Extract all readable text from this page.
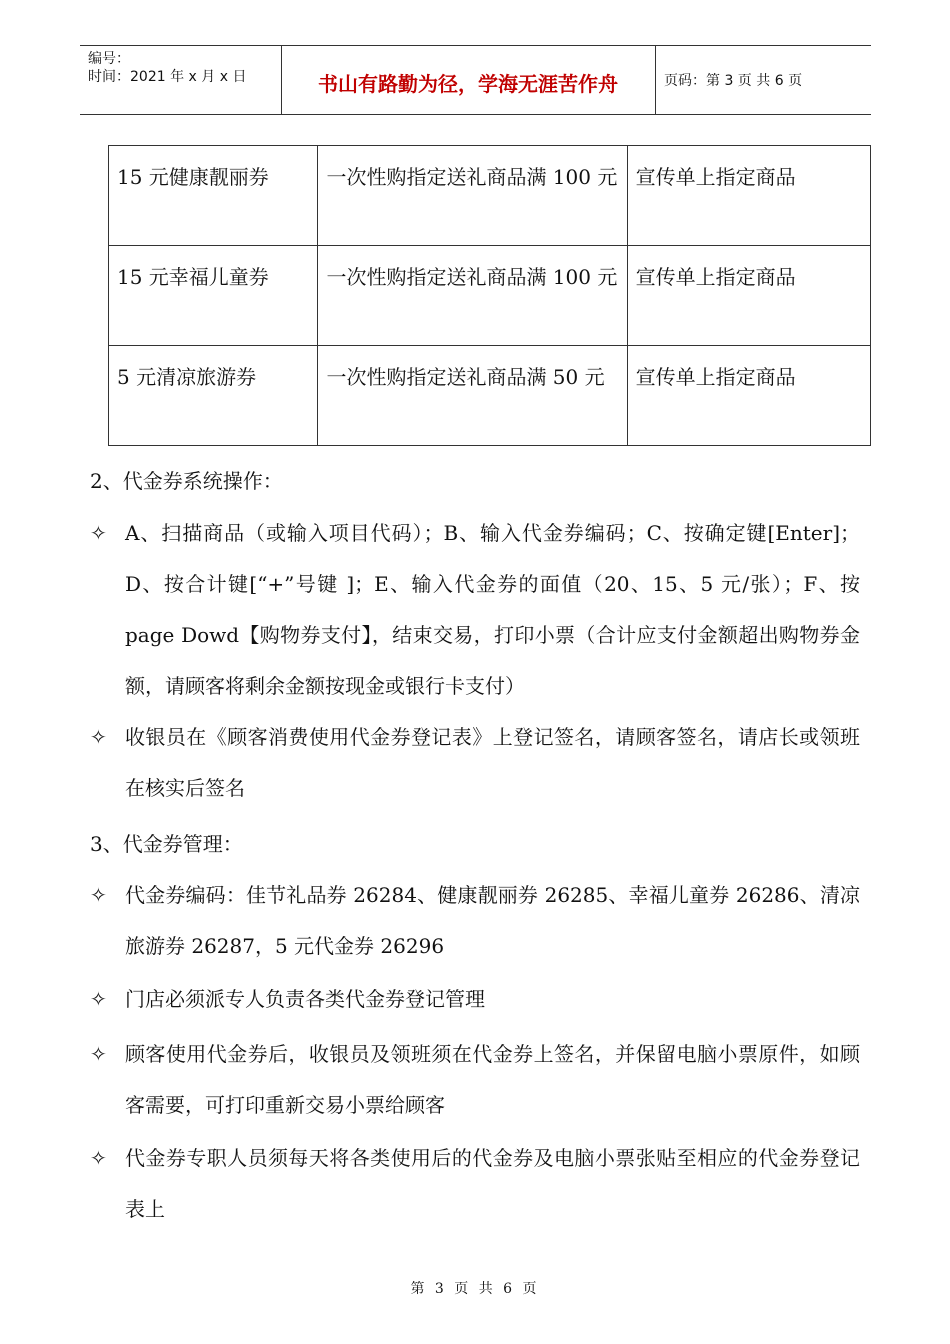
编号：
时间：2021 年 x 月 x 日	书山有路勤为径，学海无涯苦作舟	页码：第 3 页 共 6 页
15 元健康靓丽券	一次性购指定送礼商品满 100 元	宣传单上指定商品

15 元幸福儿童券	一次性购指定送礼商品满 100 元	宣传单上指定商品

5 元清凉旅游券	一次性购指定送礼商品满 50 元	宣传单上指定商品
2、代金券系统操作：
✧ A、扫描商品（或输入项目代码）；B、输入代金券编码；C、按确定键[Enter]；D、按合计键[“+”号键 ]；E、输入代金券的面值（20、15、5 元/张）；F、按 page Dowd【购物券支付】，结束交易，打印小票（合计应支付金额超出购物券金额，请顾客将剩余金额按现金或银行卡支付）
✧ 收银员在《顾客消费使用代金券登记表》上登记签名，请顾客签名，请店长或领班在核实后签名
3、代金券管理：
✧ 代金券编码：佳节礼品券 26284、健康靓丽券 26285、幸福儿童券 26286、清凉旅游券 26287，5 元代金券 26296
✧ 门店必须派专人负责各类代金券登记管理
✧ 顾客使用代金券后，收银员及领班须在代金券上签名，并保留电脑小票原件，如顾客需要，可打印重新交易小票给顾客
✧ 代金券专职人员须每天将各类使用后的代金券及电脑小票张贴至相应的代金券登记表上
第 3 页 共 6 页
